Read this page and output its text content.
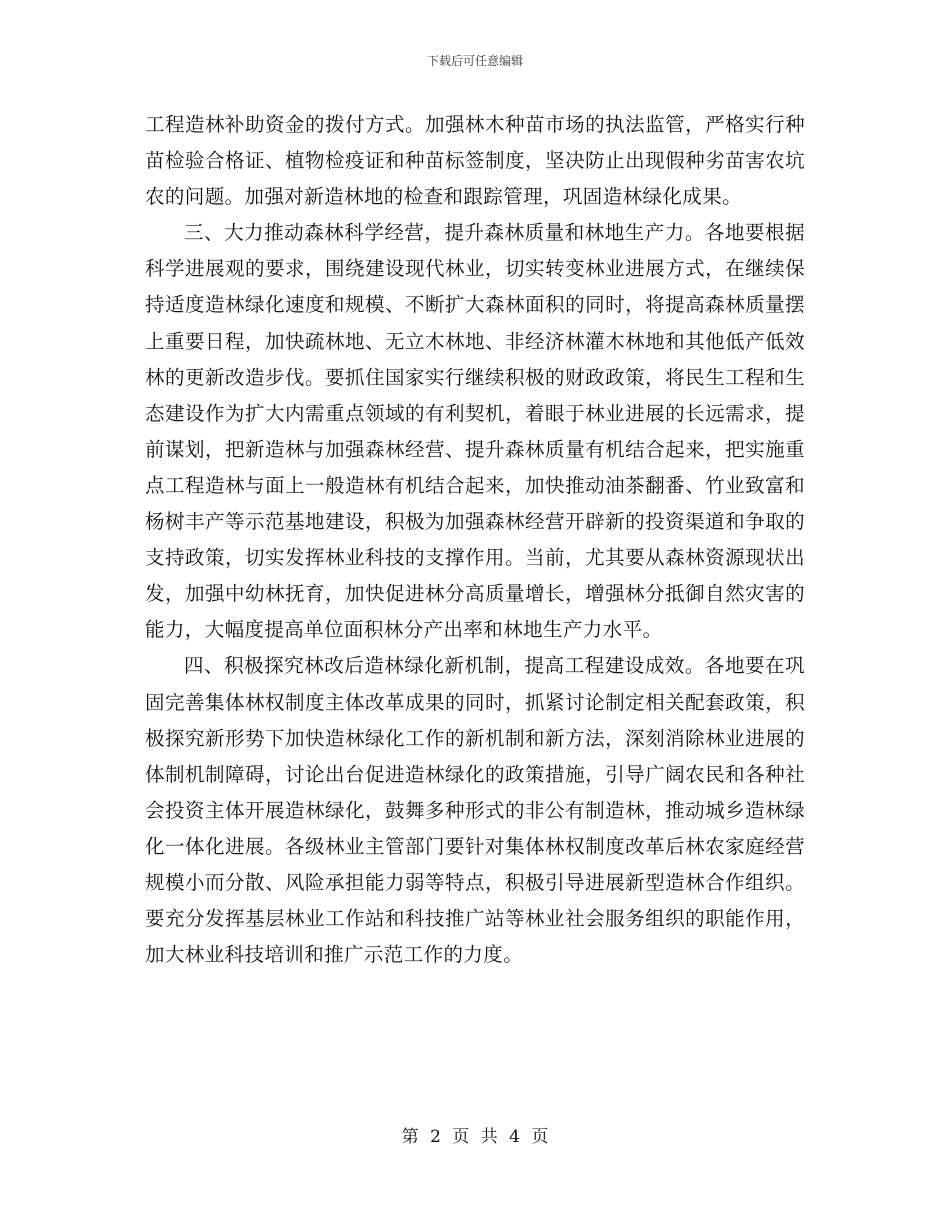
下载后可任意编辑

工程造林补助资金的拨付方式。加强林木种苗市场的执法监管，严格实行种苗检验合格证、植物检疫证和种苗标签制度，坚决防止出现假种劣苗害农坑农的问题。加强对新造林地的检查和跟踪管理，巩固造林绿化成果。

三、大力推动森林科学经营，提升森林质量和林地生产力。各地要根据科学进展观的要求，围绕建设现代林业，切实转变林业进展方式，在继续保持适度造林绿化速度和规模、不断扩大森林面积的同时，将提高森林质量摆上重要日程，加快疏林地、无立木林地、非经济林灌木林地和其他低产低效林的更新改造步伐。要抓住国家实行继续积极的财政政策，将民生工程和生态建设作为扩大内需重点领域的有利契机，着眼于林业进展的长远需求，提前谋划，把新造林与加强森林经营、提升森林质量有机结合起来，把实施重点工程造林与面上一般造林有机结合起来，加快推动油茶翻番、竹业致富和杨树丰产等示范基地建设，积极为加强森林经营开辟新的投资渠道和争取的支持政策，切实发挥林业科技的支撑作用。当前，尤其要从森林资源现状出发，加强中幼林抚育，加快促进林分高质量增长，增强林分抵御自然灾害的能力，大幅度提高单位面积林分产出率和林地生产力水平。

四、积极探究林改后造林绿化新机制，提高工程建设成效。各地要在巩固完善集体林权制度主体改革成果的同时，抓紧讨论制定相关配套政策，积极探究新形势下加快造林绿化工作的新机制和新方法，深刻消除林业进展的体制机制障碍，讨论出台促进造林绿化的政策措施，引导广阔农民和各种社会投资主体开展造林绿化，鼓舞多种形式的非公有制造林，推动城乡造林绿化一体化进展。各级林业主管部门要针对集体林权制度改革后林农家庭经营规模小而分散、风险承担能力弱等特点，积极引导进展新型造林合作组织。要充分发挥基层林业工作站和科技推广站等林业社会服务组织的职能作用，加大林业科技培训和推广示范工作的力度。

第 2 页 共 4 页
